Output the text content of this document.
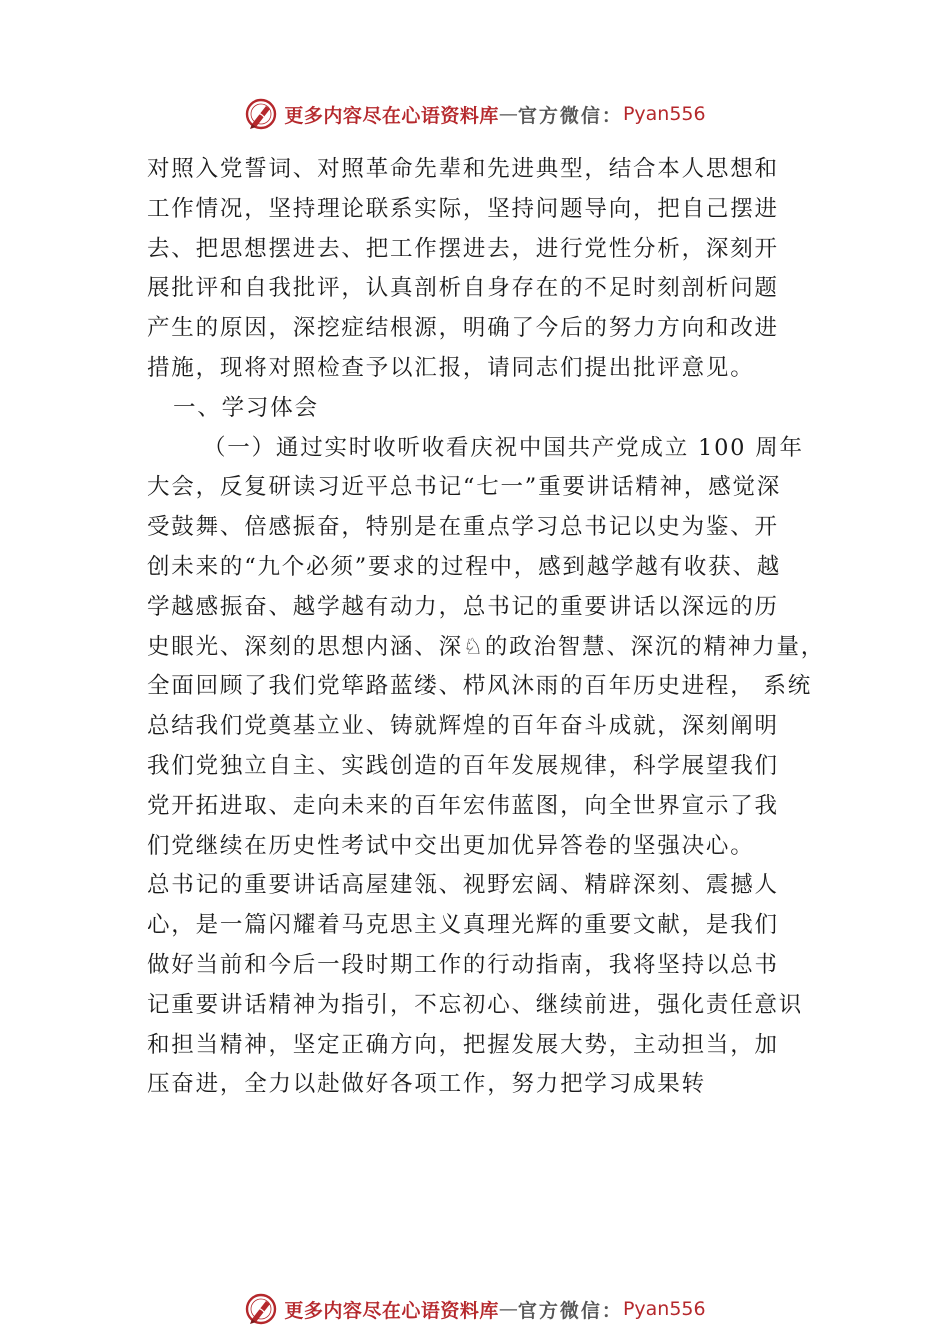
更多内容尽在心语资料库 — 官方微信： Pyan556
对照入党誓词、对照革命先辈和先进典型，结合本人思想和
工作情况，坚持理论联系实际，坚持问题导向，把自己摆进
去、把思想摆进去、把工作摆进去，进行党性分析，深刻开
展批评和自我批评，认真剖析自身存在的不足时刻剖析问题
产生的原因，深挖症结根源，明确了今后的努力方向和改进
措施，现将对照检查予以汇报，请同志们提出批评意见。
一、学习体会
（一）通过实时收听收看庆祝中国共产党成立 100 周年
大会，反复研读习近平总书记“七一”重要讲话精神，感觉深
受鼓舞、倍感振奋，特别是在重点学习总书记以史为鉴、开
创未来的“九个必须”要求的过程中，感到越学越有收获、越
学越感振奋、越学越有动力，总书记的重要讲话以深远的历
史眼光、深刻的思想内涵、深♘的政治智慧、深沉的精神力量，
全面回顾了我们党筚路蓝缕、栉风沐雨的百年历史进程， 系统
总结我们党奠基立业、铸就辉煌的百年奋斗成就，深刻阐明
我们党独立自主、实践创造的百年发展规律，科学展望我们
党开拓进取、走向未来的百年宏伟蓝图，向全世界宣示了我
们党继续在历史性考试中交出更加优异答卷的坚强决心。
总书记的重要讲话高屋建瓴、视野宏阔、精辟深刻、震撼人
心，是一篇闪耀着马克思主义真理光辉的重要文献，是我们
做好当前和今后一段时期工作的行动指南，我将坚持以总书
记重要讲话精神为指引，不忘初心、继续前进，强化责任意识
和担当精神，坚定正确方向，把握发展大势，主动担当，加
压奋进，全力以赴做好各项工作，努力把学习成果转
更多内容尽在心语资料库 — 官方微信： Pyan556
